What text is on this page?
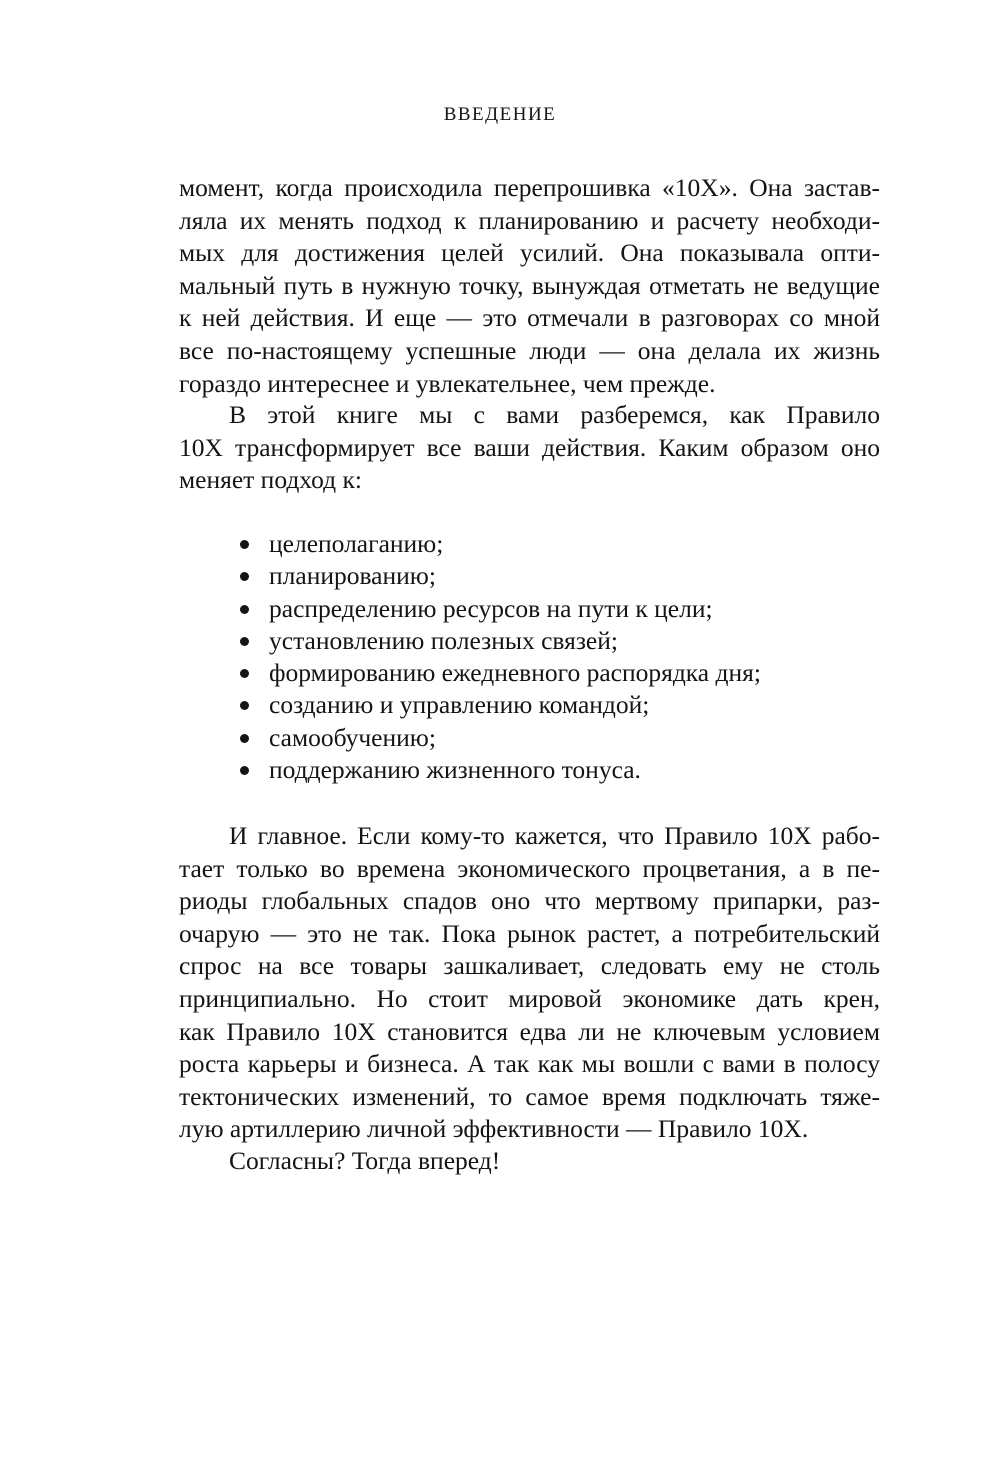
ВВЕДЕНИЕ
момент, когда происходила перепрошивка «10X». Она застав-
ляла их менять подход к планированию и расчету необходи-
мых для достижения целей усилий. Она показывала опти-
мальный путь в нужную точку, вынуждая отметать не ведущие
к ней действия. И еще — это отмечали в разговорах со мной
все по-настоящему успешные люди — она делала их жизнь
гораздо интереснее и увлекательнее, чем прежде.
В этой книге мы с вами разберемся, как Правило
10X трансформирует все ваши действия. Каким образом оно
меняет подход к:
целеполаганию;
планированию;
распределению ресурсов на пути к цели;
установлению полезных связей;
формированию ежедневного распорядка дня;
созданию и управлению командой;
самообучению;
поддержанию жизненного тонуса.
И главное. Если кому-то кажется, что Правило 10X рабо-
тает только во времена экономического процветания, а в пе-
риоды глобальных спадов оно что мертвому припарки, раз-
очарую — это не так. Пока рынок растет, а потребительский
спрос на все товары зашкаливает, следовать ему не столь
принципиально. Но стоит мировой экономике дать крен,
как Правило 10X становится едва ли не ключевым условием
роста карьеры и бизнеса. А так как мы вошли с вами в полосу
тектонических изменений, то самое время подключать тяже-
лую артиллерию личной эффективности — Правило 10X.
Согласны? Тогда вперед!
